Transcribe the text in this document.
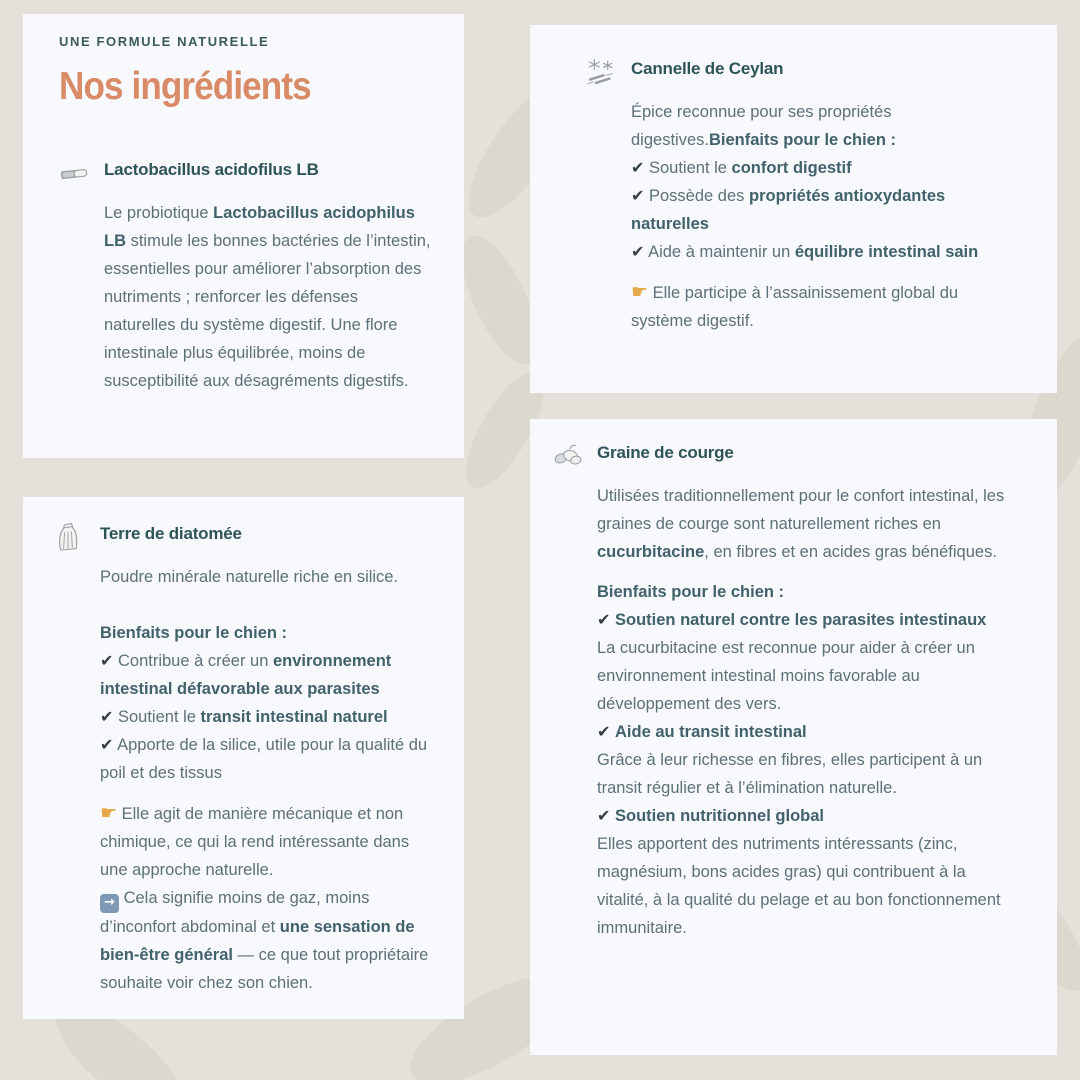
UNE FORMULE NATURELLE
Nos ingrédients
Lactobacillus acidofilus LB

Le probiotique Lactobacillus acidophilus LB stimule les bonnes bactéries de l’intestin, essentielles pour améliorer l’absorption des nutriments ; renforcer les défenses naturelles du système digestif. Une flore intestinale plus équilibrée, moins de susceptibilité aux désagréments digestifs.

Cannelle de Ceylan

Épice reconnue pour ses propriétés digestives.Bienfaits pour le chien :
✔ Soutient le confort digestif
✔ Possède des propriétés antioxydantes naturelles
✔ Aide à maintenir un équilibre intestinal sain

☛ Elle participe à l’assainissement global du système digestif.

Terre de diatomée

Poudre minérale naturelle riche en silice.

Bienfaits pour le chien :
✔ Contribue à créer un environnement intestinal défavorable aux parasites
✔ Soutient le transit intestinal naturel
✔ Apporte de la silice, utile pour la qualité du poil et des tissus

☛ Elle agit de manière mécanique et non chimique, ce qui la rend intéressante dans une approche naturelle.
→ Cela signifie moins de gaz, moins d’inconfort abdominal et une sensation de bien-être général — ce que tout propriétaire souhaite voir chez son chien.

Graine de courge

Utilisées traditionnellement pour le confort intestinal, les graines de courge sont naturellement riches en cucurbitacine, en fibres et en acides gras bénéfiques.

Bienfaits pour le chien :
✔ Soutien naturel contre les parasites intestinaux
La cucurbitacine est reconnue pour aider à créer un environnement intestinal moins favorable au développement des vers.
✔ Aide au transit intestinal
Grâce à leur richesse en fibres, elles participent à un transit régulier et à l’élimination naturelle.
✔ Soutien nutritionnel global
Elles apportent des nutriments intéressants (zinc, magnésium, bons acides gras) qui contribuent à la vitalité, à la qualité du pelage et au bon fonctionnement immunitaire.
